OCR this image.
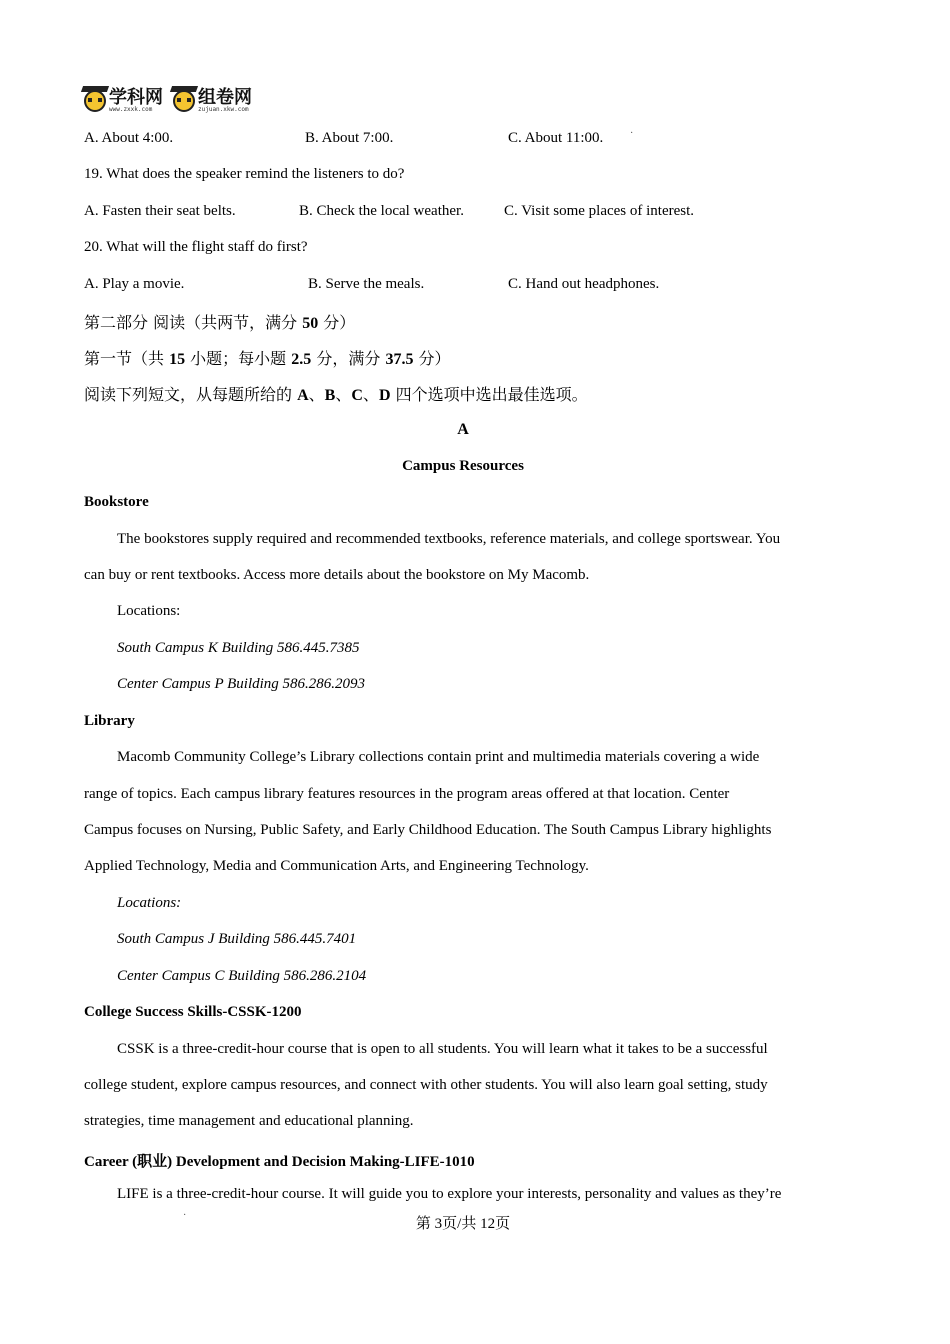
学科网
www.zxxk.com
组卷网
zujuan.xkw.com
A. About 4:00.	B. About 7:00.	C. About 11:00.	·
19. What does the speaker remind the listeners to do?
A. Fasten their seat belts.	B. Check the local weather.	C. Visit some places of interest.
20. What will the flight staff do first?
A. Play a movie.	B. Serve the meals.	C. Hand out headphones.
第二部分 阅读（共两节，满分 50 分）
第一节（共 15 小题；每小题 2.5 分，满分 37.5 分）
阅读下列短文，从每题所给的 A、B、C、D 四个选项中选出最佳选项。
A
Campus Resources
Bookstore
The bookstores supply required and recommended textbooks, reference materials, and college sportswear. You
can buy or rent textbooks. Access more details about the bookstore on My Macomb.
Locations:
South Campus K Building 586.445.7385
Center Campus P Building 586.286.2093
Library
Macomb Community College’s Library collections contain print and multimedia materials covering a wide
range of topics. Each campus library features resources in the program areas offered at that location. Center
Campus focuses on Nursing, Public Safety, and Early Childhood Education. The South Campus Library highlights
Applied Technology, Media and Communication Arts, and Engineering Technology.
Locations:
South Campus J Building 586.445.7401
Center Campus C Building 586.286.2104
College Success Skills-CSSK-1200
CSSK is a three-credit-hour course that is open to all students. You will learn what it takes to be a successful
college student, explore campus resources, and connect with other students. You will also learn goal setting, study
strategies, time management and educational planning.
Career (职业) Development and Decision Making-LIFE-1010
LIFE is a three-credit-hour course. It will guide you to explore your interests, personality and values as they’re
·
第 3页/共 12页
